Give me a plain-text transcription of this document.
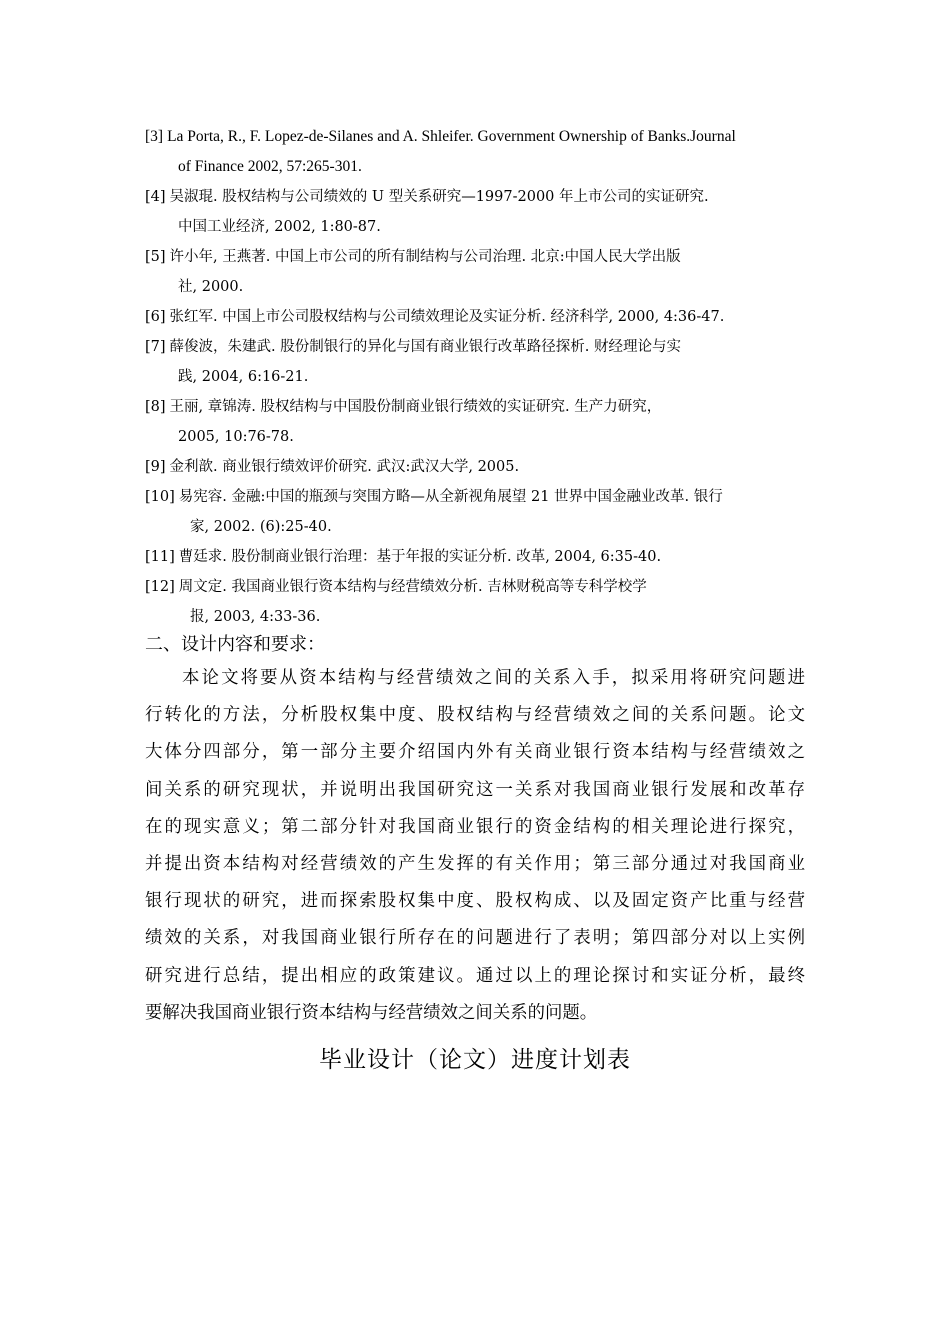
[3] La Porta, R., F. Lopez-de-Silanes and A. Shleifer. Government Ownership of Banks.Journal
of Finance 2002, 57:265-301.
[4] 吴淑琨. 股权结构与公司绩效的 U 型关系研究—1997-2000 年上市公司的实证研究.
中国工业经济, 2002, 1:80-87.
[5] 许小年, 王燕著. 中国上市公司的所有制结构与公司治理. 北京:中国人民大学出版
社, 2000.
[6] 张红军. 中国上市公司股权结构与公司绩效理论及实证分析. 经济科学, 2000, 4:36-47.
[7] 薛俊波，朱建武. 股份制银行的异化与国有商业银行改革路径探析. 财经理论与实
践, 2004, 6:16-21.
[8] 王丽, 章锦涛. 股权结构与中国股份制商业银行绩效的实证研究. 生产力研究，
2005, 10:76-78.
[9] 金利歆. 商业银行绩效评价研究. 武汉:武汉大学, 2005.
[10] 易宪容. 金融:中国的瓶颈与突围方略—从全新视角展望 21 世界中国金融业改革. 银行
家, 2002. (6):25-40.
[11] 曹廷求. 股份制商业银行治理：基于年报的实证分析. 改革, 2004, 6:35-40.
[12] 周文定. 我国商业银行资本结构与经营绩效分析. 吉林财税高等专科学校学
报, 2003, 4:33-36.
二、设计内容和要求：
本论文将要从资本结构与经营绩效之间的关系入手，拟采用将研究问题进
行转化的方法，分析股权集中度、股权结构与经营绩效之间的关系问题。论文
大体分四部分，第一部分主要介绍国内外有关商业银行资本结构与经营绩效之
间关系的研究现状，并说明出我国研究这一关系对我国商业银行发展和改革存
在的现实意义；第二部分针对我国商业银行的资金结构的相关理论进行探究，
并提出资本结构对经营绩效的产生发挥的有关作用；第三部分通过对我国商业
银行现状的研究，进而探索股权集中度、股权构成、以及固定资产比重与经营
绩效的关系，对我国商业银行所存在的问题进行了表明；第四部分对以上实例
研究进行总结，提出相应的政策建议。通过以上的理论探讨和实证分析，最终
要解决我国商业银行资本结构与经营绩效之间关系的问题。
毕业设计（论文）进度计划表
